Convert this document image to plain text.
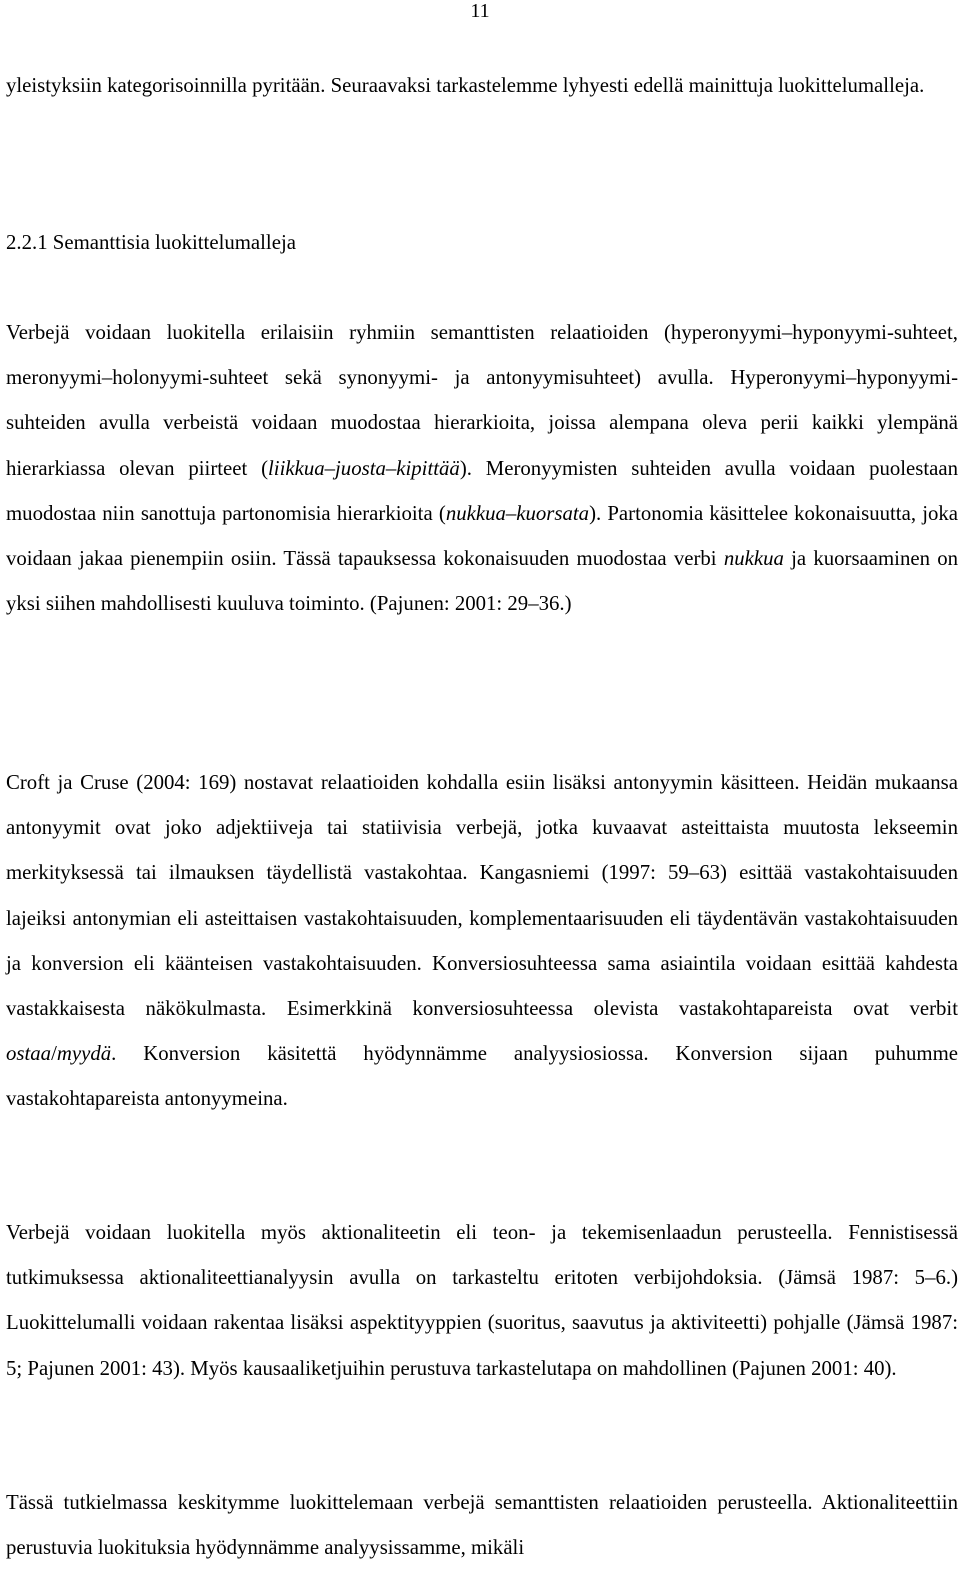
11

yleistyksiin kategorisoinnilla pyritään. Seuraavaksi tarkastelemme lyhyesti edellä mainittuja luokittelumalleja.

2.2.1 Semanttisia luokittelumalleja

Verbejä voidaan luokitella erilaisiin ryhmiin semanttisten relaatioiden (hyperonyymi–hyponyymi-suhteet, meronyymi–holonyymi-suhteet sekä synonyymi- ja antonyymisuhteet) avulla. Hyperonyymi–hyponyymi-suhteiden avulla verbeistä voidaan muodostaa hierarkioita, joissa alempana oleva perii kaikki ylempänä hierarkiassa olevan piirteet (liikkua–juosta–kipittää). Meronyymisten suhteiden avulla voidaan puolestaan muodostaa niin sanottuja partonomisia hierarkioita (nukkua–kuorsata). Partonomia käsittelee kokonaisuutta, joka voidaan jakaa pienempiin osiin. Tässä tapauksessa kokonaisuuden muodostaa verbi nukkua ja kuorsaaminen on yksi siihen mahdollisesti kuuluva toiminto. (Pajunen: 2001: 29–36.)

Croft ja Cruse (2004: 169) nostavat relaatioiden kohdalla esiin lisäksi antonyymin käsitteen. Heidän mukaansa antonyymit ovat joko adjektiiveja tai statiivisia verbejä, jotka kuvaavat asteittaista muutosta lekseemin merkityksessä tai ilmauksen täydellistä vastakohtaa. Kangasniemi (1997: 59–63) esittää vastakohtaisuuden lajeiksi antonymian eli asteittaisen vastakohtaisuuden, komplementaarisuuden eli täydentävän vastakohtaisuuden ja konversion eli käänteisen vastakohtaisuuden. Konversiosuhteessa sama asiaintila voidaan esittää kahdesta vastakkaisesta näkökulmasta. Esimerkkinä konversiosuhteessa olevista vastakohtapareista ovat verbit ostaa/myydä. Konversion käsitettä hyödynnämme analyysiosiossa. Konversion sijaan puhumme vastakohtapareista antonyymeina.

Verbejä voidaan luokitella myös aktionaliteetin eli teon- ja tekemisenlaadun perusteella. Fennistisessä tutkimuksessa aktionaliteettianalyysin avulla on tarkasteltu eritoten verbijohdoksia. (Jämsä 1987: 5–6.) Luokittelumalli voidaan rakentaa lisäksi aspektityyppien (suoritus, saavutus ja aktiviteetti) pohjalle (Jämsä 1987: 5; Pajunen 2001: 43). Myös kausaaliketjuihin perustuva tarkastelutapa on mahdollinen (Pajunen 2001: 40).

Tässä tutkielmassa keskitymme luokittelemaan verbejä semanttisten relaatioiden perusteella. Aktionaliteettiin perustuvia luokituksia hyödynnämme analyysissamme, mikäli
